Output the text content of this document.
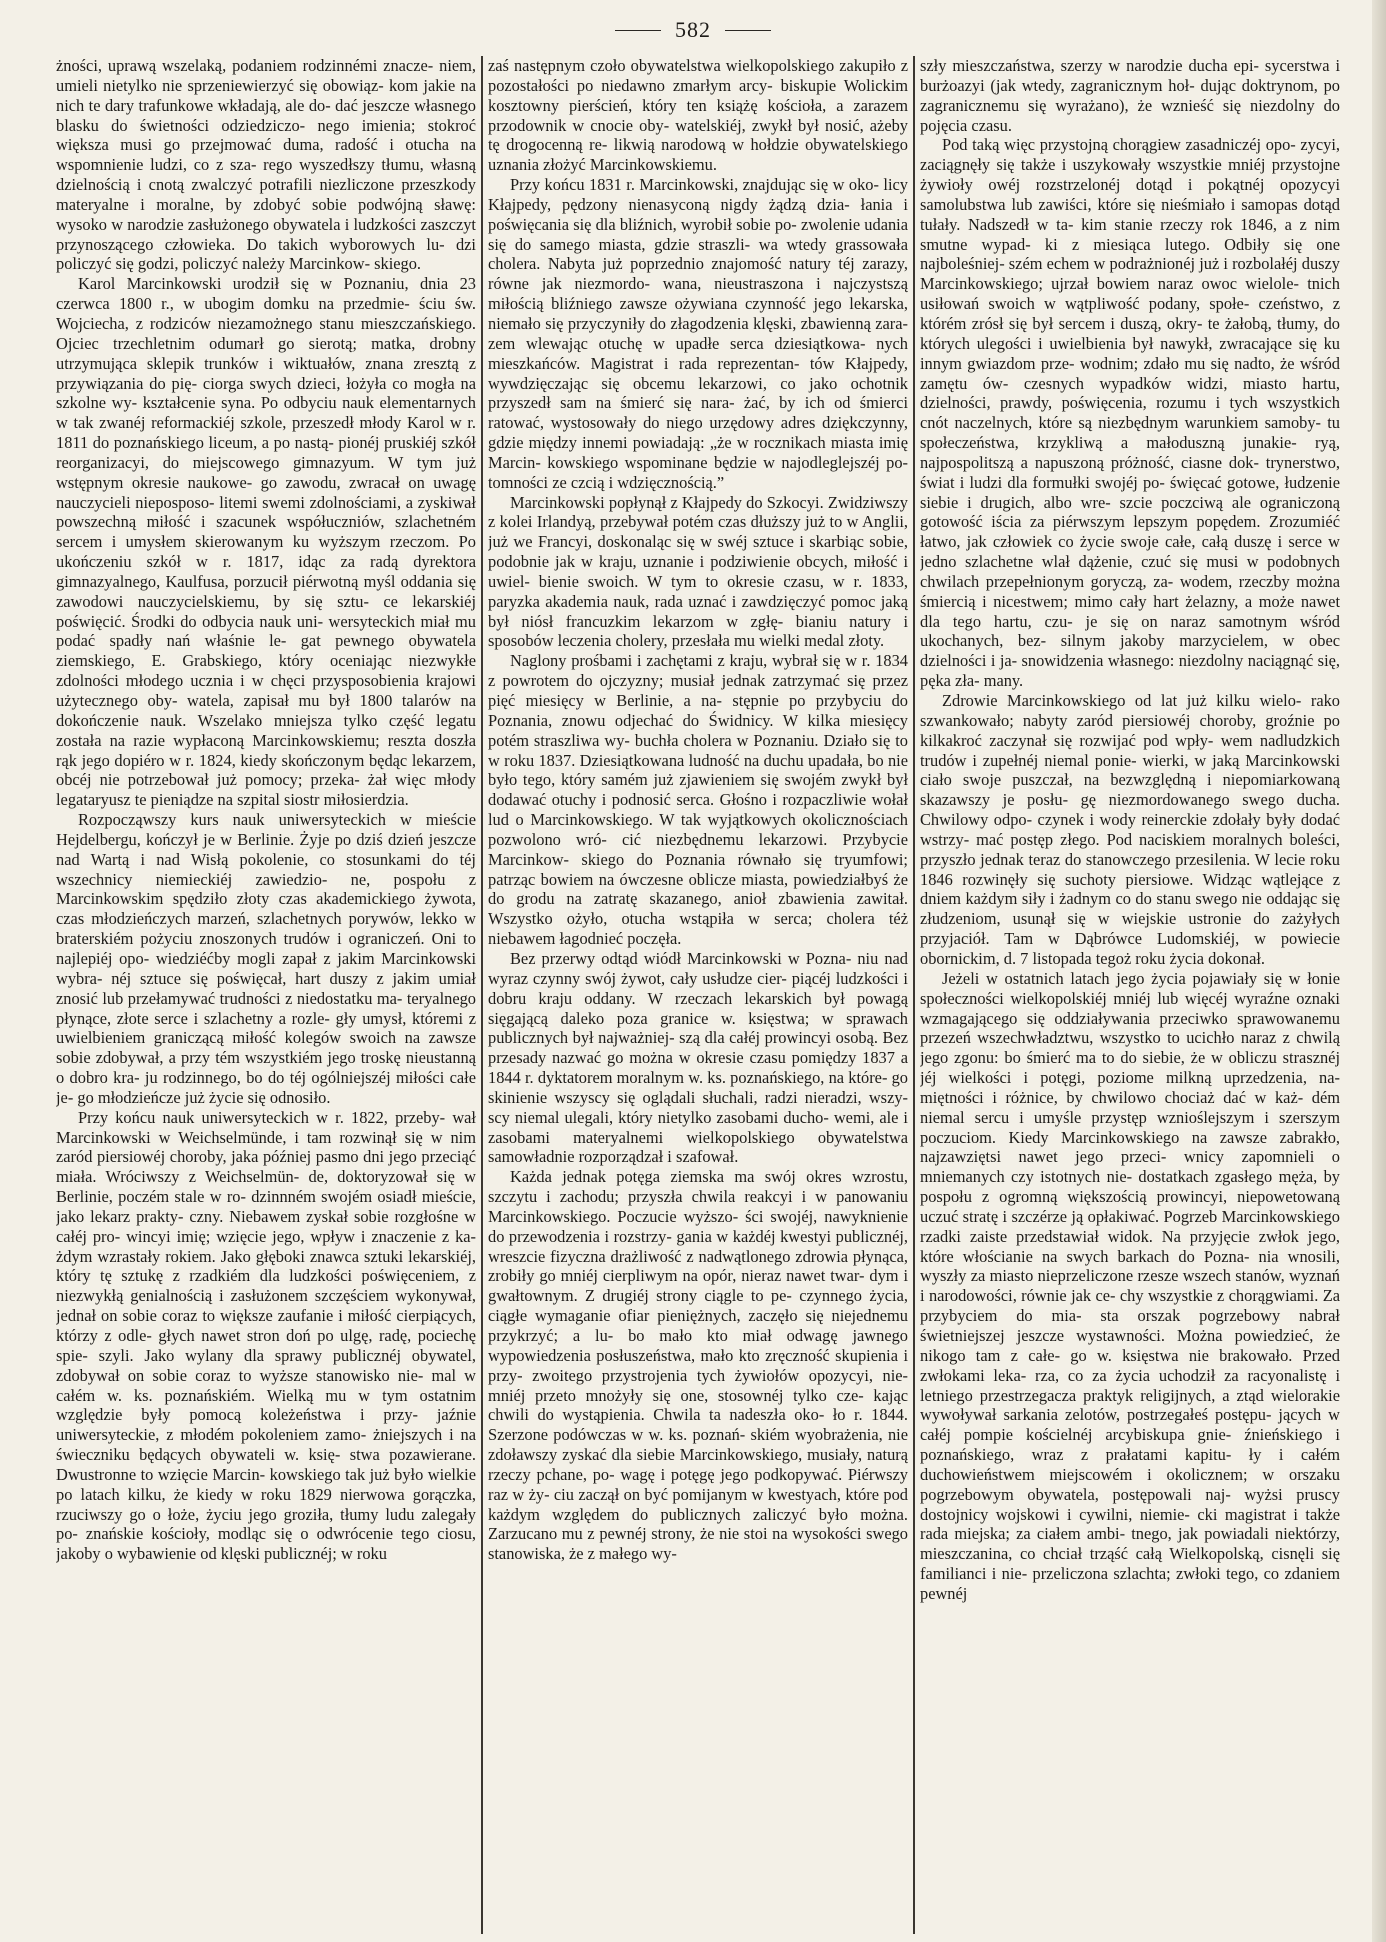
582

żności, uprawą wszelaką, podaniem rodzinnémi znacze- niem, umieli nietylko nie sprzeniewierzyć się obowiąz- kom jakie na nich te dary trafunkowe wkładają, ale do- dać jeszcze własnego blasku do świetności odziedziczo- nego imienia; stokroć większa musi go przejmować duma, radość i otucha na wspomnienie ludzi, co z sza- rego wyszedłszy tłumu, własną dzielnością i cnotą zwalczyć potrafili niezliczone przeszkody materyalne i moralne, by zdobyć sobie podwójną sławę: wysoko w narodzie zasłużonego obywatela i ludzkości zaszczyt przynoszącego człowieka. Do takich wyborowych lu- dzi policzyć się godzi, policzyć należy Marcinkow- skiego.

Karol Marcinkowski urodził się w Poznaniu, dnia 23 czerwca 1800 r., w ubogim domku na przedmie- ściu św. Wojciecha, z rodziców niezamożnego stanu mieszczańskiego. Ojciec trzechletnim odumarł go sierotą; matka, drobny utrzymująca sklepik trunków i wiktuałów, znana zresztą z przywiązania do pię- ciorga swych dzieci, łożyła co mogła na szkolne wy- kształcenie syna. Po odbyciu nauk elementarnych w tak zwanéj reformackiéj szkole, przeszedł młody Karol w r. 1811 do poznańskiego liceum, a po nastą- pionéj pruskiéj szkół reorganizacyi, do miejscowego gimnazyum. W tym już wstępnym okresie naukowe- go zawodu, zwracał on uwagę nauczycieli nieposposo- litemi swemi zdolnościami, a zyskiwał powszechną miłość i szacunek współuczniów, szlachetném sercem i umysłem skierowanym ku wyższym rzeczom. Po ukończeniu szkół w r. 1817, idąc za radą dyrektora gimnazyalnego, Kaulfusa, porzucił piérwotną myśl oddania się zawodowi nauczycielskiemu, by się sztu- ce lekarskiéj poświęcić. Środki do odbycia nauk uni- wersyteckich miał mu podać spadły nań właśnie le- gat pewnego obywatela ziemskiego, E. Grabskiego, który oceniając niezwykłe zdolności młodego ucznia i w chęci przysposobienia krajowi użytecznego oby- watela, zapisał mu był 1800 talarów na dokończenie nauk. Wszelako mniejsza tylko część legatu została na razie wypłaconą Marcinkowskiemu; reszta doszła rąk jego dopiéro w r. 1824, kiedy skończonym będąc lekarzem, obcéj nie potrzebował już pomocy; przeka- żał więc młody legataryusz te pieniądze na szpital siostr miłosierdzia.

Rozpocząwszy kurs nauk uniwersyteckich w mieście Hejdelbergu, kończył je w Berlinie. Żyje po dziś dzień jeszcze nad Wartą i nad Wisłą pokolenie, co stosunkami do téj wszechnicy niemieckiéj zawiedzio- ne, pospołu z Marcinkowskim spędziło złoty czas akademickiego żywota, czas młodzieńczych marzeń, szlachetnych porywów, lekko w braterskiém pożyciu znoszonych trudów i ograniczeń. Oni to najlepiéj opo- wiedziéćby mogli zapał z jakim Marcinkowski wybra- néj sztuce się poświęcał, hart duszy z jakim umiał znosić lub przełamywać trudności z niedostatku ma- teryalnego płynące, złote serce i szlachetny a rozle- gły umysł, któremi z uwielbieniem graniczącą miłość kolegów swoich na zawsze sobie zdobywał, a przy tém wszystkiém jego troskę nieustanną o dobro kra- ju rodzinnego, bo do téj ogólniejszéj miłości całe je- go młodzieńcze już życie się odnosiło.

Przy końcu nauk uniwersyteckich w r. 1822, przeby- wał Marcinkowski w Weichselmünde, i tam rozwinął się w nim zaród piersiowéj choroby, jaka później pasmo dni jego przeciąć miała. Wróciwszy z Weichselmün- de, doktoryzował się w Berlinie, poczém stale w ro- dzinnném swojém osiadł mieście, jako lekarz prakty- czny. Niebawem zyskał sobie rozgłośne w całéj pro- wincyi imię; wzięcie jego, wpływ i znaczenie z ka- żdym wzrastały rokiem. Jako głęboki znawca sztuki lekarskiéj, który tę sztukę z rzadkiém dla ludzkości poświęceniem, z niezwykłą genialnością i zasłużonem szczęściem wykonywał, jednał on sobie coraz to większe zaufanie i miłość cierpiących, którzy z odle- głych nawet stron doń po ulgę, radę, pociechę spie- szyli. Jako wylany dla sprawy publicznéj obywatel, zdobywał on sobie coraz to wyższe stanowisko nie- mal w całém w. ks. poznańskiém. Wielką mu w tym ostatnim względzie były pomocą koleżeństwa i przy- jaźnie uniwersyteckie, z młodém pokoleniem zamo- żniejszych i na świeczniku będących obywateli w. księ- stwa pozawierane. Dwustronne to wzięcie Marcin- kowskiego tak już było wielkie po latach kilku, że kiedy w roku 1829 nierwowa gorączka, rzuciwszy go o łoże, życiu jego groziła, tłumy ludu zalegały po- znańskie kościoły, modląc się o odwrócenie tego ciosu, jakoby o wybawienie od klęski publicznéj; w roku

zaś następnym czoło obywatelstwa wielkopolskiego zakupiło z pozostałości po niedawno zmarłym arcy- biskupie Wolickim kosztowny pierścień, który ten książę kościoła, a zarazem przodownik w cnocie oby- watelskiéj, zwykł był nosić, ażeby tę drogocenną re- likwią narodową w hołdzie obywatelskiego uznania złożyć Marcinkowskiemu.

Przy końcu 1831 r. Marcinkowski, znajdując się w oko- licy Kłajpedy, pędzony nienasyconą nigdy żądzą dzia- łania i poświęcania się dla bliźnich, wyrobił sobie po- zwolenie udania się do samego miasta, gdzie straszli- wa wtedy grassowała cholera. Nabyta już poprzednio znajomość natury téj zarazy, równe jak niezmordo- wana, nieustraszona i najczystszą miłością bliźniego zawsze ożywiana czynność jego lekarska, niemało się przyczyniły do złagodzenia klęski, zbawienną zara- zem wlewając otuchę w upadłe serca dziesiątkowa- nych mieszkańców. Magistrat i rada reprezentan- tów Kłajpedy, wywdzięczając się obcemu lekarzowi, co jako ochotnik przyszedł sam na śmierć się nara- żać, by ich od śmierci ratować, wystosowały do niego urzędowy adres dziękczynny, gdzie między innemi powiadają: „że w rocznikach miasta imię Marcin- kowskiego wspominane będzie w najodleglejszéj po- tomności ze czcią i wdzięcznością.”

Marcinkowski popłynął z Kłajpedy do Szkocyi. Zwidziwszy z kolei Irlandyą, przebywał potém czas dłuższy już to w Anglii, już we Francyi, doskonaląc się w swéj sztuce i skarbiąc sobie, podobnie jak w kraju, uznanie i podziwienie obcych, miłość i uwiel- bienie swoich. W tym to okresie czasu, w r. 1833, paryzka akademia nauk, rada uznać i zawdzięczyć pomoc jaką był niósł francuzkim lekarzom w zgłę- bianiu natury i sposobów leczenia cholery, przesłała mu wielki medal złoty.

Naglony prośbami i zachętami z kraju, wybrał się w r. 1834 z powrotem do ojczyzny; musiał jednak zatrzymać się przez pięć miesięcy w Berlinie, a na- stępnie po przybyciu do Poznania, znowu odjechać do Świdnicy. W kilka miesięcy potém straszliwa wy- buchła cholera w Poznaniu. Działo się to w roku 1837. Dziesiątkowana ludność na duchu upadała, bo nie było tego, który samém już zjawieniem się swojém zwykł był dodawać otuchy i podnosić serca. Głośno i rozpaczliwie wołał lud o Marcinkowskiego. W tak wyjątkowych okolicznościach pozwolono wró- cić niezbędnemu lekarzowi. Przybycie Marcinkow- skiego do Poznania równało się tryumfowi; patrząc bowiem na ówczesne oblicze miasta, powiedziałbyś że do grodu na zatratę skazanego, anioł zbawienia zawitał. Wszystko ożyło, otucha wstąpiła w serca; cholera téż niebawem łagodnieć poczęła.

Bez przerwy odtąd wiódł Marcinkowski w Pozna- niu nad wyraz czynny swój żywot, cały usłudze cier- piącéj ludzkości i dobru kraju oddany. W rzeczach lekarskich był powagą sięgającą daleko poza granice w. księstwa; w sprawach publicznych był najważniej- szą dla całéj prowincyi osobą. Bez przesady nazwać go można w okresie czasu pomiędzy 1837 a 1844 r. dyktatorem moralnym w. ks. poznańskiego, na które- go skinienie wszyscy się oglądali słuchali, radzi nieradzi, wszy- scy niemal ulegali, który nietylko zasobami ducho- wemi, ale i zasobami materyalnemi wielkopolskiego obywatelstwa samowładnie rozporządzał i szafował.

Każda jednak potęga ziemska ma swój okres wzrostu, szczytu i zachodu; przyszła chwila reakcyi i w panowaniu Marcinkowskiego. Poczucie wyższo- ści swojéj, nawyknienie do przewodzenia i rozstrzy- gania w każdéj kwestyi publicznéj, wreszcie fizyczna drażliwość z nadwątlonego zdrowia płynąca, zrobiły go mniéj cierpliwym na opór, nieraz nawet twar- dym i gwałtownym. Z drugiéj strony ciągle to pe- czynnego życia, ciągłe wymaganie ofiar pieniężnych, zaczęło się niejednemu przykrzyć; a lu- bo mało kto miał odwagę jawnego wypowiedzenia posłuszeństwa, mało kto zręczność skupienia i przy- zwoitego przystrojenia tych żywiołów opozycyi, nie- mniéj przeto mnożyły się one, stosownéj tylko cze- kając chwili do wystąpienia. Chwila ta nadeszła oko- ło r. 1844. Szerzone podówczas w w. ks. poznań- skiém wyobrażenia, nie zdoławszy zyskać dla siebie Marcinkowskiego, musiały, naturą rzeczy pchane, po- wagę i potęgę jego podkopywać. Piérwszy raz w ży- ciu zaczął on być pomijanym w kwestyach, które pod każdym względem do publicznych zaliczyć było można. Zarzucano mu z pewnéj strony, że nie stoi na wysokości swego stanowiska, że z małego wy-

szły mieszczaństwa, szerzy w narodzie ducha epi- sycerstwa i burżoazyi (jak wtedy, zagranicznym hoł- dując doktrynom, po zagranicznemu się wyrażano), że wznieść się niezdolny do pojęcia czasu.

Pod taką więc przystojną chorągiew zasadniczéj opo- zycyi, zaciągnęły się także i uszykowały wszystkie mniéj przystojne żywioły owéj rozstrzelonéj dotąd i pokątnéj opozycyi samolubstwa lub zawiści, które się nieśmiało i samopas dotąd tułały. Nadszedł w ta- kim stanie rzeczy rok 1846, a z nim smutne wypad- ki z miesiąca lutego. Odbiły się one najboleśniej- szém echem w podrażnionéj już i rozbolałéj duszy Marcinkowskiego; ujrzał bowiem naraz owoc wielole- tnich usiłowań swoich w wątpliwość podany, społe- czeństwo, z którém zrósł się był sercem i duszą, okry- te żałobą, tłumy, do których ulegości i uwielbienia był nawykł, zwracające się ku innym gwiazdom prze- wodnim; zdało mu się nadto, że wśród zamętu ów- czesnych wypadków widzi, miasto hartu, dzielności, prawdy, poświęcenia, rozumu i tych wszystkich cnót naczelnych, które są niezbędnym warunkiem samoby- tu społeczeństwa, krzykliwą a małoduszną junakie- ryą, najpospolitszą a napuszoną próżność, ciasne dok- trynerstwo, świat i ludzi dla formułki swojéj po- święcać gotowe, łudzenie siebie i drugich, albo wre- szcie poczciwą ale ograniczoną gotowość iścia za piérwszym lepszym popędem. Zrozumiéć łatwo, jak człowiek co życie swoje całe, całą duszę i serce w jedno szlachetne wlał dążenie, czuć się musi w podobnych chwilach przepełnionym goryczą, za- wodem, rzeczby można śmiercią i nicestwem; mimo cały hart żelazny, a może nawet dla tego hartu, czu- je się on naraz samotnym wśród ukochanych, bez- silnym jakoby marzycielem, w obec dzielności i ja- snowidzenia własnego: niezdolny naciągnąć się, pęka zła- many.

Zdrowie Marcinkowskiego od lat już kilku wielo- rako szwankowało; nabyty zaród piersiowéj choroby, groźnie po kilkakroć zaczynał się rozwijać pod wpły- wem nadludzkich trudów i zupełnéj niemal ponie- wierki, w jaką Marcinkowski ciało swoje puszczał, na bezwzględną i niepomiarkowaną skazawszy je posłu- gę niezmordowanego swego ducha. Chwilowy odpo- czynek i wody reinerckie zdołały były dodać wstrzy- mać postęp złego. Pod naciskiem moralnych boleści, przyszło jednak teraz do stanowczego przesilenia. W lecie roku 1846 rozwinęły się suchoty piersiowe. Widząc wątlejące z dniem każdym siły i żadnym co do stanu swego nie oddając się złudzeniom, usunął się w wiejskie ustronie do zażyłych przyjaciół. Tam w Dąbrówce Ludomskiéj, w powiecie obornickim, d. 7 listopada tegoż roku życia dokonał.

Jeżeli w ostatnich latach jego życia pojawiały się w łonie społeczności wielkopolskiéj mniéj lub więcéj wyraźne oznaki wzmagającego się oddziaływania przeciwko sprawowanemu przezeń wszechwładztwu, wszystko to ucichło naraz z chwilą jego zgonu: bo śmierć ma to do siebie, że w obliczu strasznéj jéj wielkości i potęgi, poziome milkną uprzedzenia, na- miętności i różnice, by chwilowo chociaż dać w każ- dém niemal sercu i umyśle przystęp wznioślejszym i szerszym poczuciom. Kiedy Marcinkowskiego na zawsze zabrakło, najzawziętsi nawet jego przeci- wnicy zapomnieli o mniemanych czy istotnych nie- dostatkach zgasłego męża, by pospołu z ogromną większością prowincyi, niepowetowaną uczuć stratę i szczérze ją opłakiwać. Pogrzeb Marcinkowskiego rzadki zaiste przedstawiał widok. Na przyjęcie zwłok jego, które włościanie na swych barkach do Pozna- nia wnosili, wyszły za miasto nieprzeliczone rzesze wszech stanów, wyznań i narodowości, równie jak ce- chy wszystkie z chorągwiami. Za przybyciem do mia- sta orszak pogrzebowy nabrał świetniejszej jeszcze wystawności. Można powiedzieć, że nikogo tam z całe- go w. księstwa nie brakowało. Przed zwłokami leka- rza, co za życia uchodził za racyonalistę i letniego przestrzegacza praktyk religijnych, a ztąd wielorakie wywoływał sarkania zelotów, postrzegałeś postępu- jących w całéj pompie kościelnéj arcybiskupa gnie- źnieńskiego i poznańskiego, wraz z prałatami kapitu- ły i całém duchowieństwem miejscowém i okolicznem; w orszaku pogrzebowym obywatela, postępowali naj- wyżsi pruscy dostojnicy wojskowi i cywilni, niemie- cki magistrat i także rada miejska; za ciałem ambi- tnego, jak powiadali niektórzy, mieszczanina, co chciał trząść całą Wielkopolską, cisnęli się familianci i nie- przeliczona szlachta; zwłoki tego, co zdaniem pewnéj
